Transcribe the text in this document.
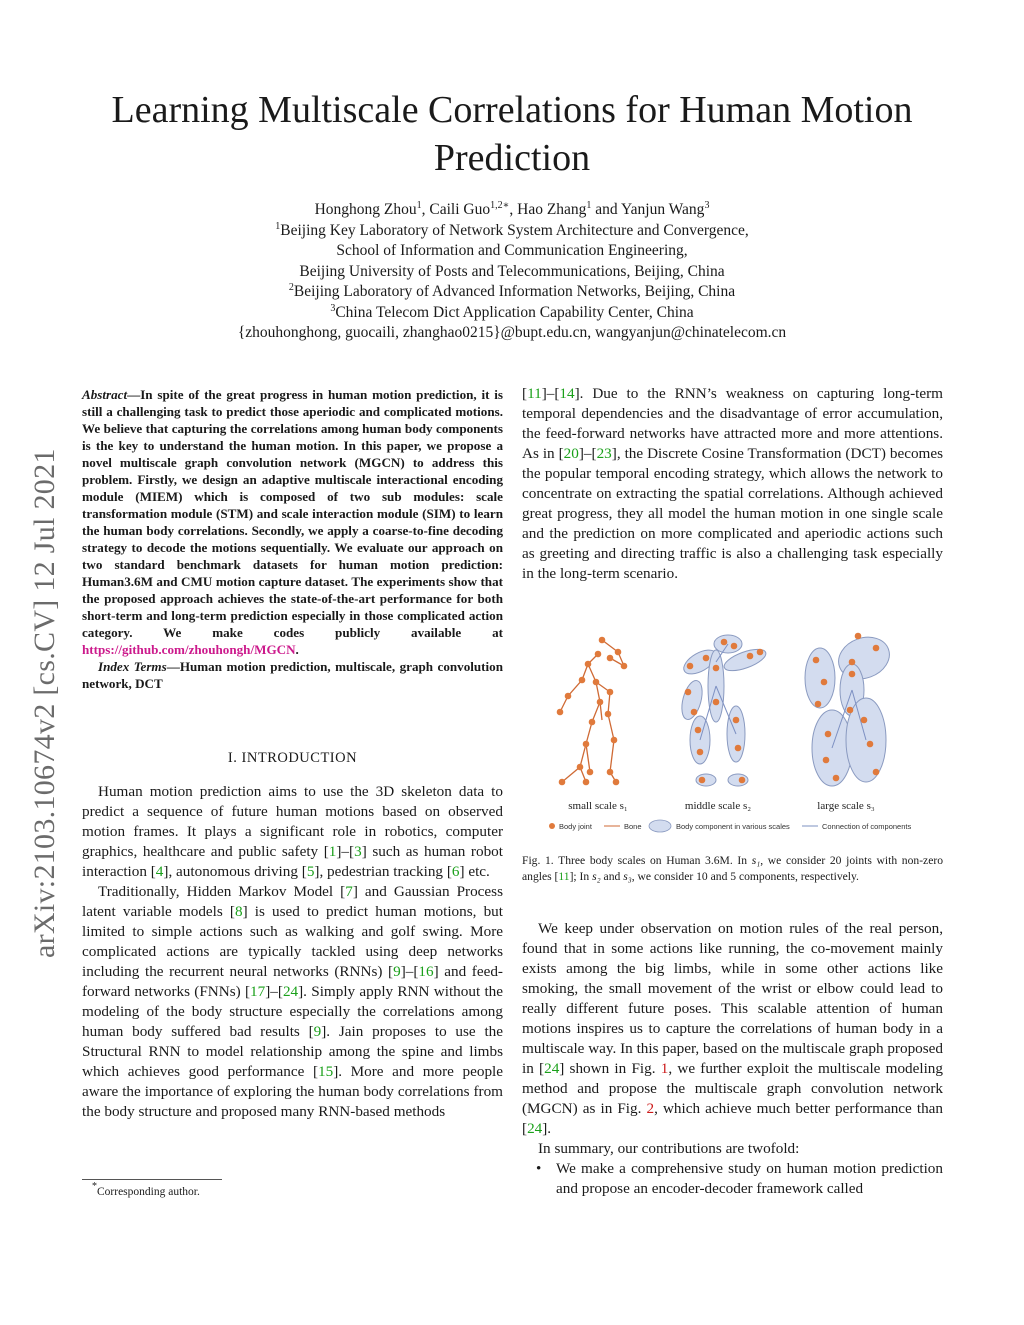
Learning Multiscale Correlations for Human Motion Prediction
Honghong Zhou$^1$, Caili Guo$^{1,2∗}$, Hao Zhang$^1$ and Yanjun Wang$^3$
$^1$Beijing Key Laboratory of Network System Architecture and Convergence,
School of Information and Communication Engineering,
Beijing University of Posts and Telecommunications, Beijing, China
$^2$Beijing Laboratory of Advanced Information Networks, Beijing, China
$^3$China Telecom Dict Application Capability Center, China
{zhouhonghong, guocaili, zhanghao0215}@bupt.edu.cn, wangyanjun@chinatelecom.cn
arXiv:2103.10674v2 [cs.CV] 12 Jul 2021

Abstract—In spite of the great progress in human motion prediction, it is still a challenging task to predict those aperiodic and complicated motions. We believe that capturing the correlations among human body components is the key to understand the human motion. In this paper, we propose a novel multiscale graph convolution network (MGCN) to address this problem. Firstly, we design an adaptive multiscale interactional encoding module (MIEM) which is composed of two sub modules: scale transformation module (STM) and scale interaction module (SIM) to learn the human body correlations. Secondly, we apply a coarse-to-fine decoding strategy to decode the motions sequentially. We evaluate our approach on two standard benchmark datasets for human motion prediction: Human3.6M and CMU motion capture dataset. The experiments show that the proposed approach achieves the state-of-the-art performance for both short-term and long-term prediction especially in those complicated action category. We make codes publicly available at https://github.com/zhouhongh/MGCN.

Index Terms—Human motion prediction, multiscale, graph convolution network, DCT

I. INTRODUCTION

Human motion prediction aims to use the 3D skeleton data to predict a sequence of future human motions based on observed motion frames. It plays a significant role in robotics, computer graphics, healthcare and public safety [1]–[3] such as human robot interaction [4], autonomous driving [5], pedestrian tracking [6] etc.

Traditionally, Hidden Markov Model [7] and Gaussian Process latent variable models [8] is used to predict human motions, but limited to simple actions such as walking and golf swing. More complicated actions are typically tackled using deep networks including the recurrent neural networks (RNNs) [9]–[16] and feed-forward networks (FNNs) [17]–[24]. Simply apply RNN without the modeling of the body structure especially the correlations among human body suffered bad results [9]. Jain proposes to use the Structural RNN to model relationship among the spine and limbs which achieves good performance [15]. More and more people aware the importance of exploring the human body correlations from the body structure and proposed many RNN-based methods

*Corresponding author.

[11]–[14]. Due to the RNN’s weakness on capturing long-term temporal dependencies and the disadvantage of error accumulation, the feed-forward networks have attracted more and more attentions. As in [20]–[23], the Discrete Cosine Transformation (DCT) becomes the popular temporal encoding strategy, which allows the network to concentrate on extracting the spatial correlations. Although achieved great progress, they all model the human motion in one single scale and the prediction on more complicated and aperiodic actions such as greeting and directing traffic is also a challenging task especially in the long-term scenario.

small scale s₁	middle scale s₂	large scale s₃
Body joint	Bone	Body component in various scales	Connection of components
Fig. 1. Three body scales on Human 3.6M. In s₁, we consider 20 joints with non-zero angles [11]; In s₂ and s₃, we consider 10 and 5 components, respectively.

We keep under observation on motion rules of the real person, found that in some actions like running, the co-movement mainly exists among the big limbs, while in some other actions like smoking, the small movement of the wrist or elbow could lead to really different future poses. This scalable attention of human motions inspires us to capture the correlations of human body in a multiscale way. In this paper, based on the multiscale graph proposed in [24] shown in Fig. 1, we further exploit the multiscale modeling method and propose the multiscale graph convolution network (MGCN) as in Fig. 2, which achieve much better performance than [24].

In summary, our contributions are twofold:

• We make a comprehensive study on human motion prediction and propose an encoder-decoder framework called
